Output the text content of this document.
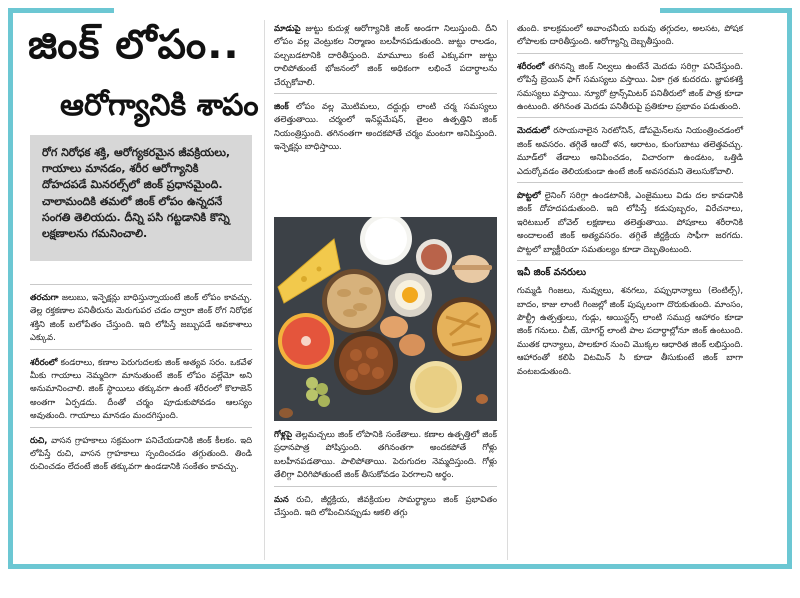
జింక్ లోపం..
ఆరోగ్యానికి శాపం
రోగ నిరోధక శక్తి, ఆరోగ్యకరమైన జీవక్రియలు, గాయాలు మానడం, శరీర ఆరోగ్యానికి దోహదపడే మినరల్స్‌లో జింక్ ప్రధానమైంది. చాలామందికి తమలో జింక్ లోపం ఉన్నదనే సంగతి తెలియదు. దీన్ని పసి గట్టడానికి కొన్ని లక్షణాలను గమనించాలి.

తరచుగా జలుబు, ఇన్ఫెక్షన్లు బాధిస్తున్నాయంటే జింక్ లోపం కావచ్చు. తెల్ల రక్తకణాల పనితీరును మెరుగుపర చడం ద్వారా జింక్ రోగ నిరోధక శక్తిని జింక్ బలోపేతం చేస్తుంది. ఇది లోపిస్తే జబ్బుపడే అవకాశాలు ఎక్కువ.

శరీరంలో కండరాలు, కణాల పెరుగుదలకు జింక్ అత్యవ సరం. ఒకవేళ మీకు గాయాలు నెమ్మదిగా మానుతుంటే జింక్ లోపం వల్లేమో అని అనుమానించాలి. జింక్ స్థాయిలు తక్కువగా ఉంటే శరీరంలో కొలాజెన్ అంతగా ఏర్పడదు. దీంతో చర్మం పూడుకుపోవడం ఆలస్యం అవుతుంది. గాయాలు మానడం మందగిస్తుంది.

రుచి, వాసన గ్రాహకాలు సక్రమంగా పనిచేయడానికి జింక్ కీలకం. ఇది లోపిస్తే రుచి, వాసన గ్రాహకాలు స్పందించడం తగ్గుతుంది. తిండి రుచించడం లేదంటే జింక్ తక్కువగా ఉండడానికి సంకేతం కావచ్చు.

మాడుపై జుట్టు కుదుళ్ల ఆరోగ్యానికి జింక్ అండగా నిలుస్తుంది. దీని లోపం వల్ల వెంట్రుకల నిర్మాణం బలహీనపడుతుంది. జుట్టు రాలడం, పల్చబడటానికి దారితీస్తుంది. మామూలు కంటే ఎక్కువగా జుట్టు రాలిపోతుంటే భోజనంలో జింక్ అధికంగా లభించే పదార్థాలను చేర్చుకోవాలి.

జింక్ లోపం వల్ల మొటిమలు, దద్దుర్లు లాంటి చర్మ సమస్యలు తలెత్తుతాయి. చర్మంలో ఇన్‌ఫ్లమేషన్, తైలం ఉత్పత్తిని జింక్ నియంత్రిస్తుంది. తగినంతగా అందకపోతే చర్మం మంటగా అనిపిస్తుంది. ఇన్ఫెక్షన్లు బాధిస్తాయి.

గోళ్లపై తెల్లమచ్చలు జింక్ లోపానికి సంకేతాలు. కణాల ఉత్పత్తిలో జింక్ ప్రధానపాత్ర పోషిస్తుంది. తగినంతగా అందకపోతే గోళ్లు బలహీనపడతాయి. పాలిపోతాయి. పెరుగుదల నెమ్మదిస్తుంది. గోళ్లు తేలిగ్గా విరిగిపోతుంటే జింక్ తీసుకోవడం పెరగాలని అర్థం.

మన రుచి, జీర్ణక్రియ, జీవక్రియల సామర్థ్యాలు జింక్ ప్రభావితం చేస్తుంది. ఇది లోపించినప్పుడు ఆకలి తగ్గు

తుంది. కాలక్రమంలో అవాంఛనీయ బరువు తగ్గుదల, అలసట, పోషక లోపాలకు దారితీస్తుంది. ఆరోగ్యాన్ని దెబ్బతీస్తుంది.

శరీరంలో తగినన్ని జింక్ నిల్వలు ఉంటేనే మెదడు సరిగ్గా పనిచేస్తుంది. లోపిస్తే బ్రెయిన్ ఫాగ్ సమస్యలు వస్తాయి. ఏకా గ్రత కుదరదు. జ్ఞాపకశక్తి సమస్యలు వస్తాయి. న్యూరో ట్రాన్స్‌మిటర్ పనితీరులో జింక్ పాత్ర కూడా ఉంటుంది. తగినంత మెదడు పనితీరుపై ప్రతికూల ప్రభావం పడుతుంది.

మెదడులో రసాయనాలైన సెరటోనిన్, డోపమైన్‌లను నియంత్రించడంలో జింక్ అవసరం. తగ్గితే ఆందో ళన, ఆరాటం, కుంగుబాటు తలెత్తవచ్చు. మూడ్‌లో తేడాలు అనిపించడం, విచారంగా ఉండటం, ఒత్తిడి ఎదుర్కోవడం తెలియకుండా ఉంటే జింక్ అవసరమని తెలుసుకోవాలి.

పొట్టలో లైనింగ్ సరిగ్గా ఉండటానికి, ఎంజైములు విడు దల కావడానికి జింక్ దోహదపడుతుంది. ఇది లోపిస్తే కడుపుబ్బరం, విరేచనాలు, ఇరిటబుల్ బోవెల్ లక్షణాలు తలెత్తుతాయి. పోషకాలు శరీరానికి అందాలంటే జింక్ అత్యవసరం. తగ్గితే జీర్ణక్రియ సాఫీగా జరగదు. పొట్టలో బ్యాక్టీరియా సమతుల్యం కూడా దెబ్బతింటుంది.

ఇవీ జింక్ వనరులు

గుమ్మడి గింజలు, నువ్వులు, శనగలు, పప్పుధాన్యాలు (లెంటిల్స్), బాదం, కాజు లాంటి గింజల్లో జింక్ పుష్కలంగా దొరుకుతుంది. మాంసం, పౌల్ట్రీ ఉత్పత్తులు, గుడ్లు, ఆయిస్టర్స్ లాంటి సముద్ర ఆహారం కూడా జింక్ గనులు. చీజ్, యోగర్ట్ లాంటి పాల పదార్థాల్లోనూ జింక్ ఉంటుంది. ముతక ధాన్యాలు, పాలకూర నుంచి మొక్కల ఆధారిత జింక్ లభిస్తుంది. ఆహారంతో కలిపి విటమిన్ సి కూడా తీసుకుంటే జింక్ బాగా వంటబడుతుంది.
